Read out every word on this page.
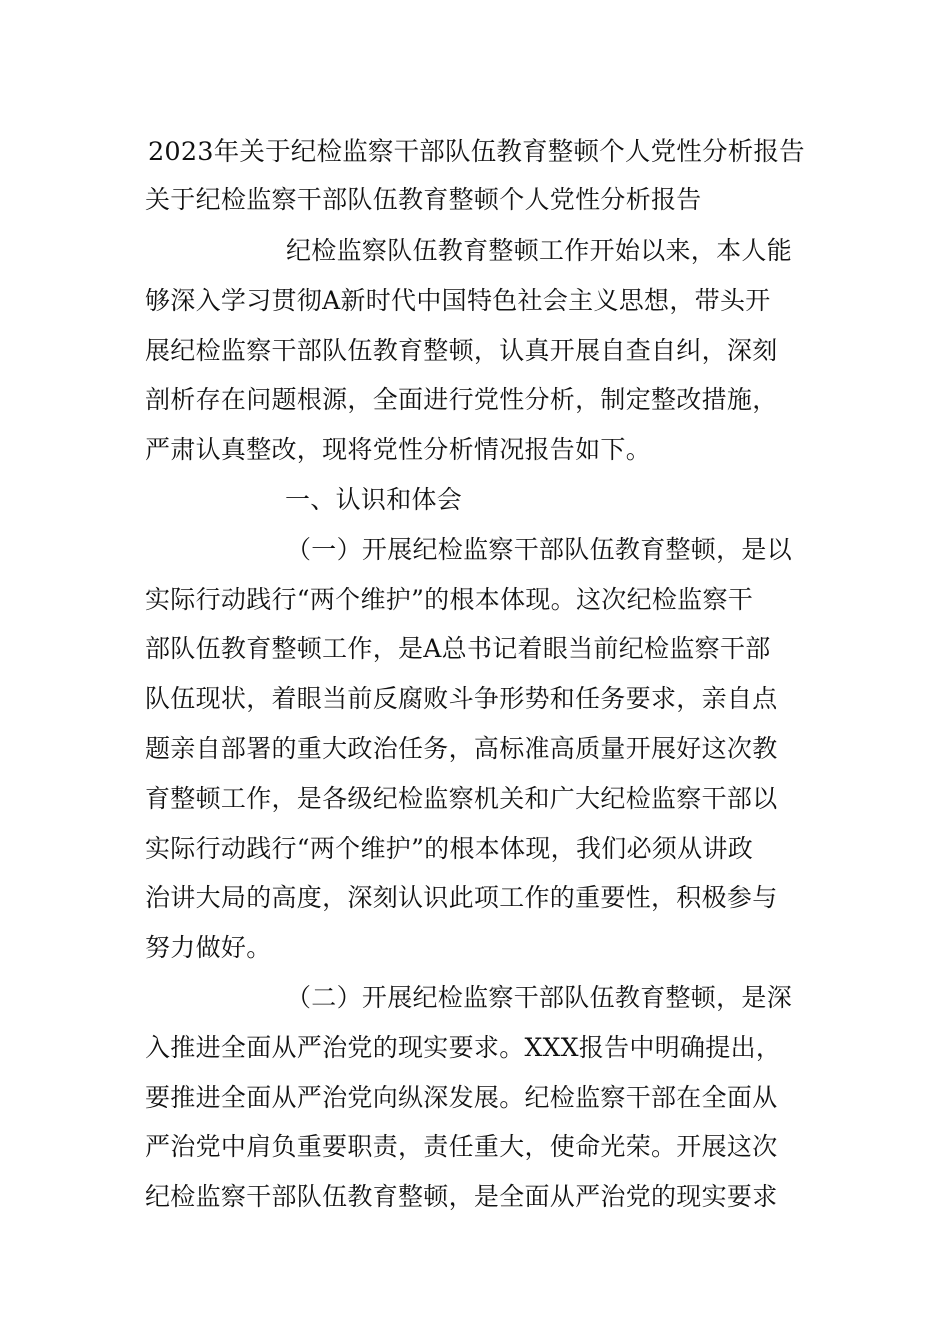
2023年关于纪检监察干部队伍教育整顿个人党性分析报告
关于纪检监察干部队伍教育整顿个人党性分析报告
纪检监察队伍教育整顿工作开始以来，本人能
够深入学习贯彻A新时代中国特色社会主义思想，带头开
展纪检监察干部队伍教育整顿，认真开展自查自纠，深刻
剖析存在问题根源，全面进行党性分析，制定整改措施，
严肃认真整改，现将党性分析情况报告如下。
一、认识和体会
（一）开展纪检监察干部队伍教育整顿，是以
实际行动践行“两个维护”的根本体现。这次纪检监察干
部队伍教育整顿工作，是A总书记着眼当前纪检监察干部
队伍现状，着眼当前反腐败斗争形势和任务要求，亲自点
题亲自部署的重大政治任务，高标准高质量开展好这次教
育整顿工作，是各级纪检监察机关和广大纪检监察干部以
实际行动践行“两个维护”的根本体现，我们必须从讲政
治讲大局的高度，深刻认识此项工作的重要性，积极参与
努力做好。
（二）开展纪检监察干部队伍教育整顿，是深
入推进全面从严治党的现实要求。XXX报告中明确提出，
要推进全面从严治党向纵深发展。纪检监察干部在全面从
严治党中肩负重要职责，责任重大，使命光荣。开展这次
纪检监察干部队伍教育整顿，是全面从严治党的现实要求
